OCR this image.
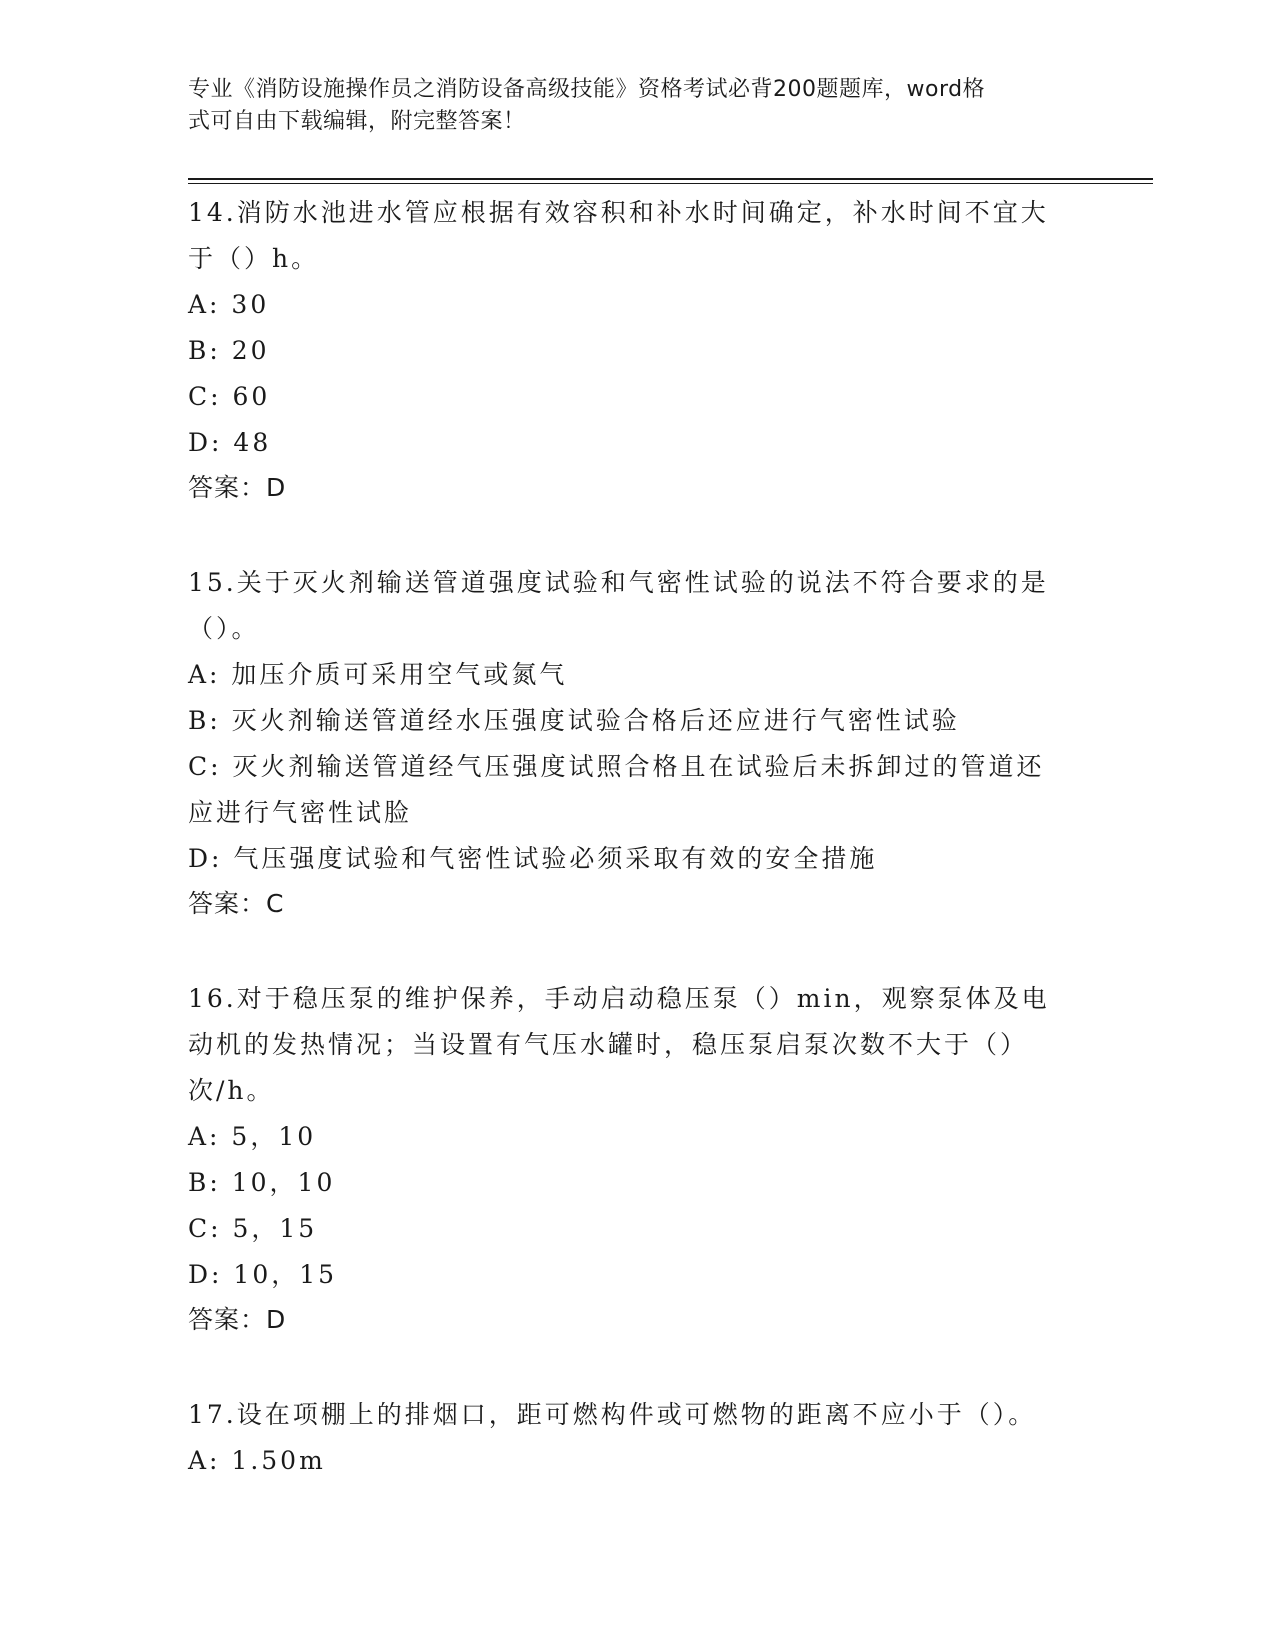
专业《消防设施操作员之消防设备高级技能》资格考试必背200题题库，word格
式可自由下载编辑，附完整答案！
14.消防水池进水管应根据有效容积和补水时间确定，补水时间不宜大
于（）h。
A: 30
B: 20
C: 60
D: 48
答案：D
15.关于灭火剂输送管道强度试验和气密性试验的说法不符合要求的是
（）。
A: 加压介质可采用空气或氮气
B: 灭火剂输送管道经水压强度试验合格后还应进行气密性试验
C: 灭火剂输送管道经气压强度试照合格且在试验后未拆卸过的管道还
应进行气密性试脸
D: 气压强度试验和气密性试验必须采取有效的安全措施
答案：C
16.对于稳压泵的维护保养，手动启动稳压泵（）min，观察泵体及电
动机的发热情况；当设置有气压水罐时，稳压泵启泵次数不大于（）
次/h。
A: 5，10
B: 10，10
C: 5，15
D: 10，15
答案：D
17.设在项棚上的排烟口，距可燃构件或可燃物的距离不应小于（）。
A: 1.50m
